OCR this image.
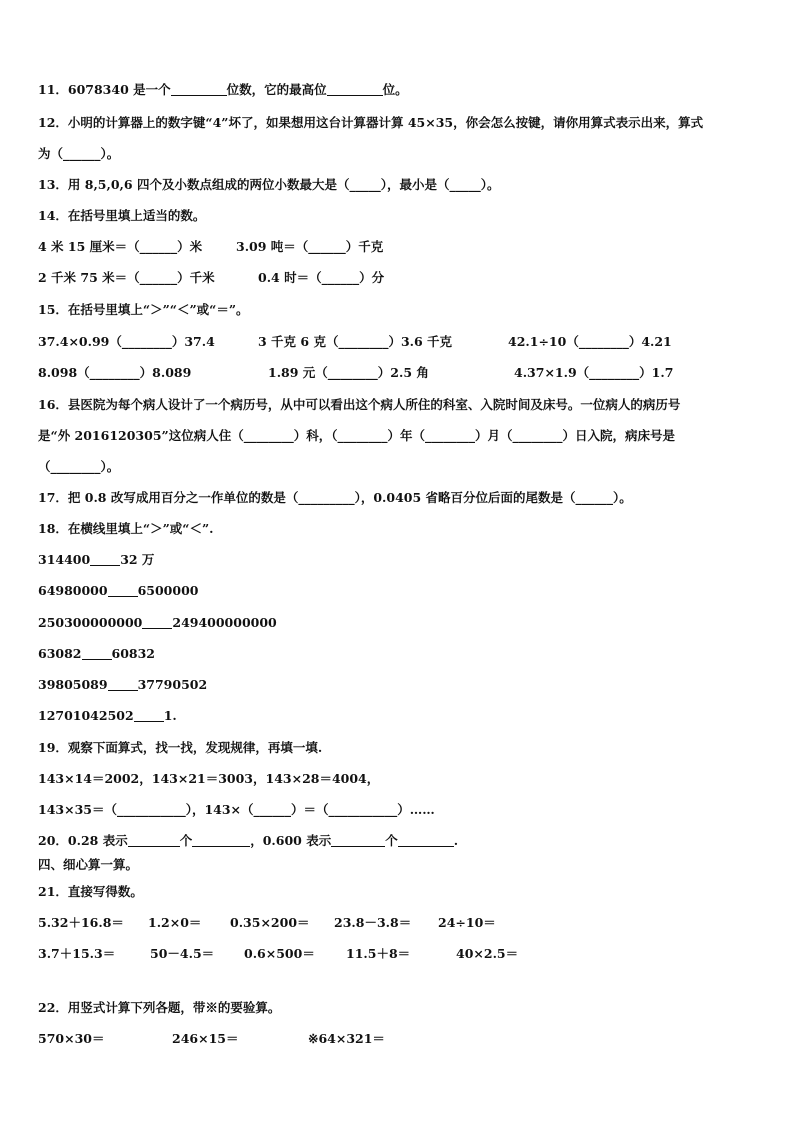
11．6078340 是一个	位数，它的最高位	位。
12．小明的计算器上的数字键“4”坏了，如果想用这台计算器计算 45×35，你会怎么按键，请你用算式表示出来，算式
为（______）。
13．用 8,5,0,6 四个及小数点组成的两位小数最大是（_____），最小是（_____）。
14．在括号里填上适当的数。
4 米 15 厘米＝（______）米	3.09 吨＝（______）千克
2 千米 75 米＝（______）千米	0.4 时＝（______）分
15．在括号里填上“＞”“＜”或“＝”。
37.4×0.99（________）37.4	3 千克 6 克（________）3.6 千克	42.1÷10（________）4.21
8.098（________）8.089	1.89 元（________）2.5 角	4.37×1.9（________）1.7
16．县医院为每个病人设计了一个病历号，从中可以看出这个病人所住的科室、入院时间及床号。一位病人的病历号
是“外 2016120305”这位病人住（________）科，（________）年（________）月（________）日入院，病床号是
（________）。
17．把 0.8 改写成用百分之一作单位的数是（_________），0.0405 省略百分位后面的尾数是（______）。
18．在横线里填上“＞”或“＜”.
314400 32 万
64980000 6500000
250300000000 249400000000
63082 60832
39805089 37790502
12701042502 1.
19．观察下面算式，找一找，发现规律，再填一填.
143×14＝2002，143×21＝3003，143×28＝4004，
143×35＝（___________），143×（______）＝（___________）……
20．0.28 表示	个	，0.600 表示	个	.
四、细心算一算。
21．直接写得数。
5.32＋16.8＝ 1.2×0＝ 0.35×200＝ 23.8－3.8＝ 24÷10＝
3.7＋15.3＝	50－4.5＝ 0.6×500＝ 11.5＋8＝	40×2.5＝
22．用竖式计算下列各题，带※的要验算。
570×30＝	246×15＝	※64×321＝
